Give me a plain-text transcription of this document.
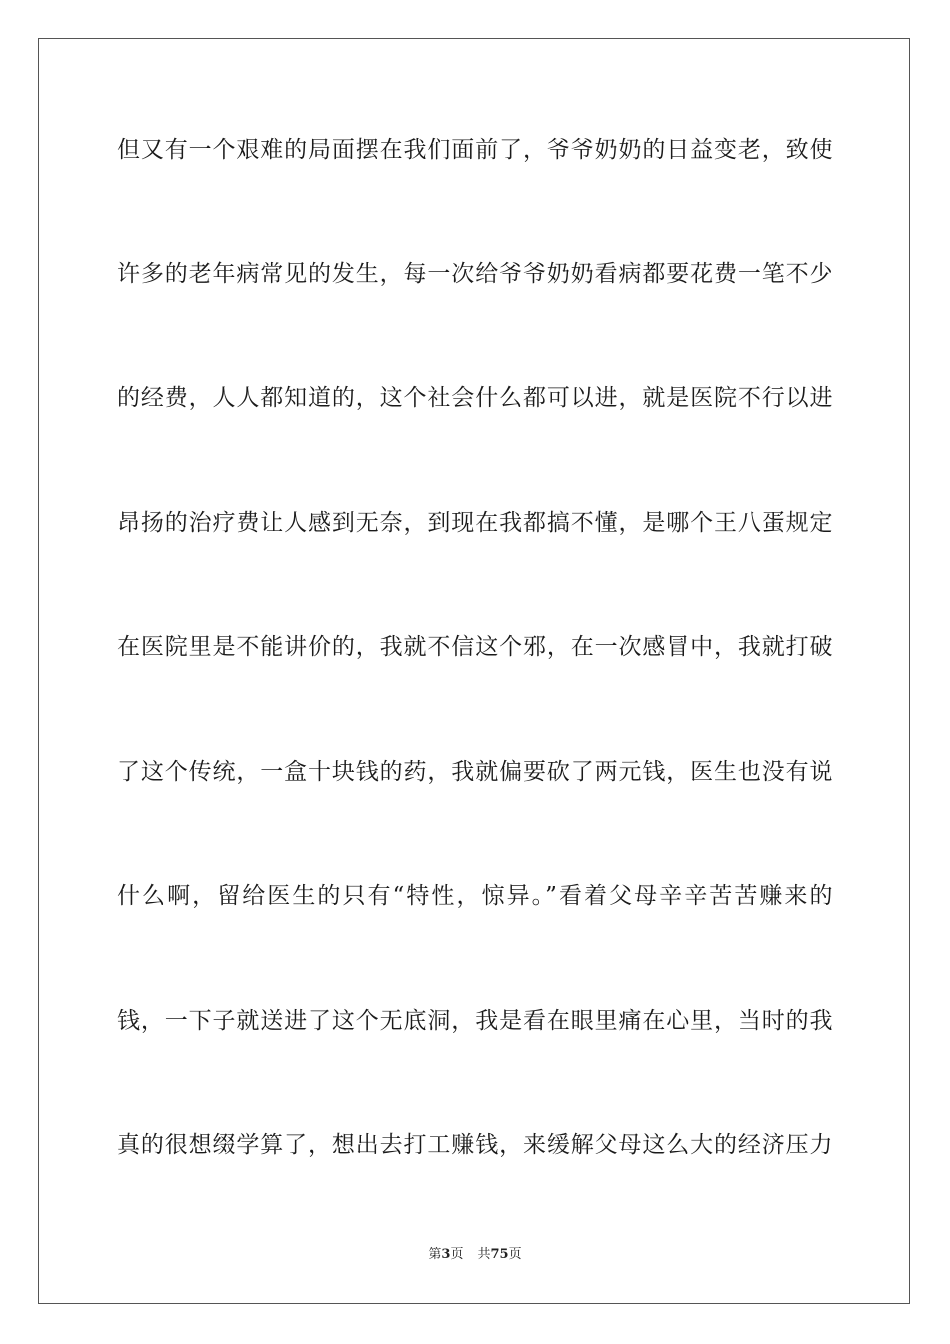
但又有一个艰难的局面摆在我们面前了，爷爷奶奶的日益变老，致使
许多的老年病常见的发生，每一次给爷爷奶奶看病都要花费一笔不少
的经费，人人都知道的，这个社会什么都可以进，就是医院不行以进
昂扬的治疗费让人感到无奈，到现在我都搞不懂，是哪个王八蛋规定
在医院里是不能讲价的，我就不信这个邪，在一次感冒中，我就打破
了这个传统，一盒十块钱的药，我就偏要砍了两元钱，医生也没有说
什么啊，留给医生的只有“特性，惊异。”看着父母辛辛苦苦赚来的
钱，一下子就送进了这个无底洞，我是看在眼里痛在心里，当时的我
真的很想缀学算了，想出去打工赚钱，来缓解父母这么大的经济压力
第3页 共75页
